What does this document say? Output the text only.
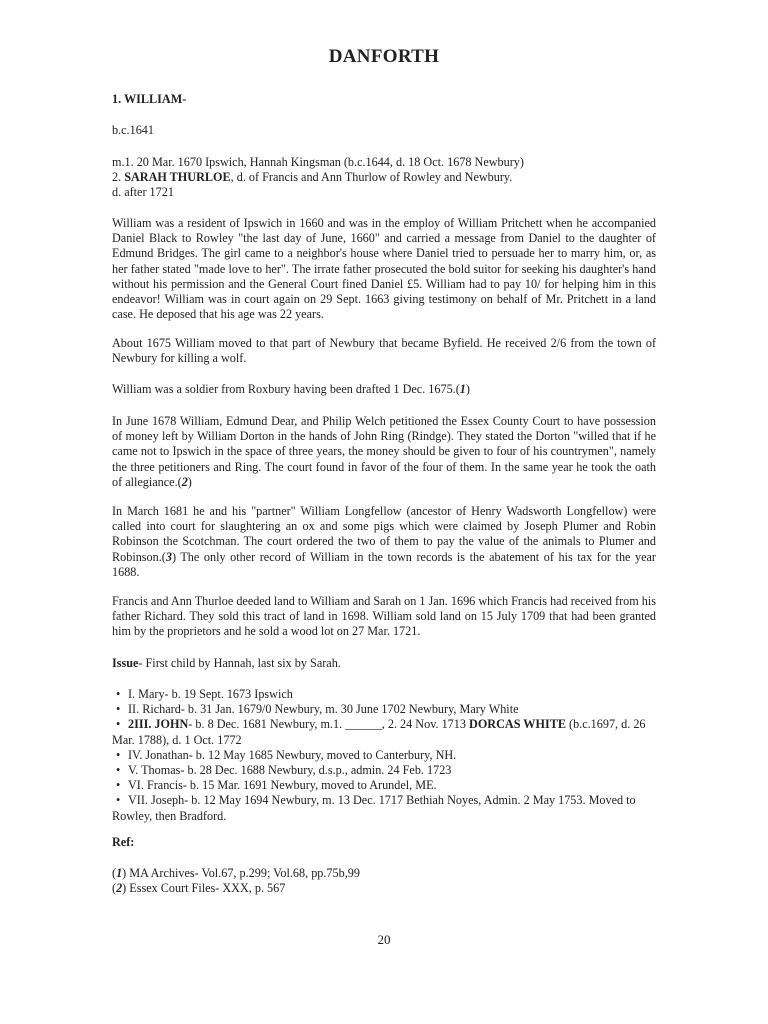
DANFORTH
1. WILLIAM-
b.c.1641
m.1. 20 Mar. 1670 Ipswich, Hannah Kingsman (b.c.1644, d. 18 Oct. 1678 Newbury)
2. SARAH THURLOE, d. of Francis and Ann Thurlow of Rowley and Newbury.
d. after 1721
William was a resident of Ipswich in 1660 and was in the employ of William Pritchett when he accompanied Daniel Black to Rowley "the last day of June, 1660" and carried a message from Daniel to the daughter of Edmund Bridges. The girl came to a neighbor's house where Daniel tried to persuade her to marry him, or, as her father stated "made love to her". The irrate father prosecuted the bold suitor for seeking his daughter's hand without his permission and the General Court fined Daniel £5. William had to pay 10/ for helping him in this endeavor! William was in court again on 29 Sept. 1663 giving testimony on behalf of Mr. Pritchett in a land case. He deposed that his age was 22 years.
About 1675 William moved to that part of Newbury that became Byfield. He received 2/6 from the town of Newbury for killing a wolf.
William was a soldier from Roxbury having been drafted 1 Dec. 1675.(1)
In June 1678 William, Edmund Dear, and Philip Welch petitioned the Essex County Court to have possession of money left by William Dorton in the hands of John Ring (Rindge). They stated the Dorton "willed that if he came not to Ipswich in the space of three years, the money should be given to four of his countrymen", namely the three petitioners and Ring. The court found in favor of the four of them. In the same year he took the oath of allegiance.(2)
In March 1681 he and his "partner" William Longfellow (ancestor of Henry Wadsworth Longfellow) were called into court for slaughtering an ox and some pigs which were claimed by Joseph Plumer and Robin Robinson the Scotchman. The court ordered the two of them to pay the value of the animals to Plumer and Robinson.(3) The only other record of William in the town records is the abatement of his tax for the year 1688.
Francis and Ann Thurloe deeded land to William and Sarah on 1 Jan. 1696 which Francis had received from his father Richard. They sold this tract of land in 1698. William sold land on 15 July 1709 that had been granted him by the proprietors and he sold a wood lot on 27 Mar. 1721.
Issue- First child by Hannah, last six by Sarah.
• I. Mary- b. 19 Sept. 1673 Ipswich
• II. Richard- b. 31 Jan. 1679/0 Newbury, m. 30 June 1702 Newbury, Mary White
• 2III. JOHN- b. 8 Dec. 1681 Newbury, m.1. ______, 2. 24 Nov. 1713 DORCAS WHITE (b.c.1697, d. 26 Mar. 1788), d. 1 Oct. 1772
• IV. Jonathan- b. 12 May 1685 Newbury, moved to Canterbury, NH.
• V. Thomas- b. 28 Dec. 1688 Newbury, d.s.p., admin. 24 Feb. 1723
• VI. Francis- b. 15 Mar. 1691 Newbury, moved to Arundel, ME.
• VII. Joseph- b. 12 May 1694 Newbury, m. 13 Dec. 1717 Bethiah Noyes, Admin. 2 May 1753. Moved to Rowley, then Bradford.
Ref:
(1) MA Archives- Vol.67, p.299; Vol.68, pp.75b,99
(2) Essex Court Files- XXX, p. 567
20
